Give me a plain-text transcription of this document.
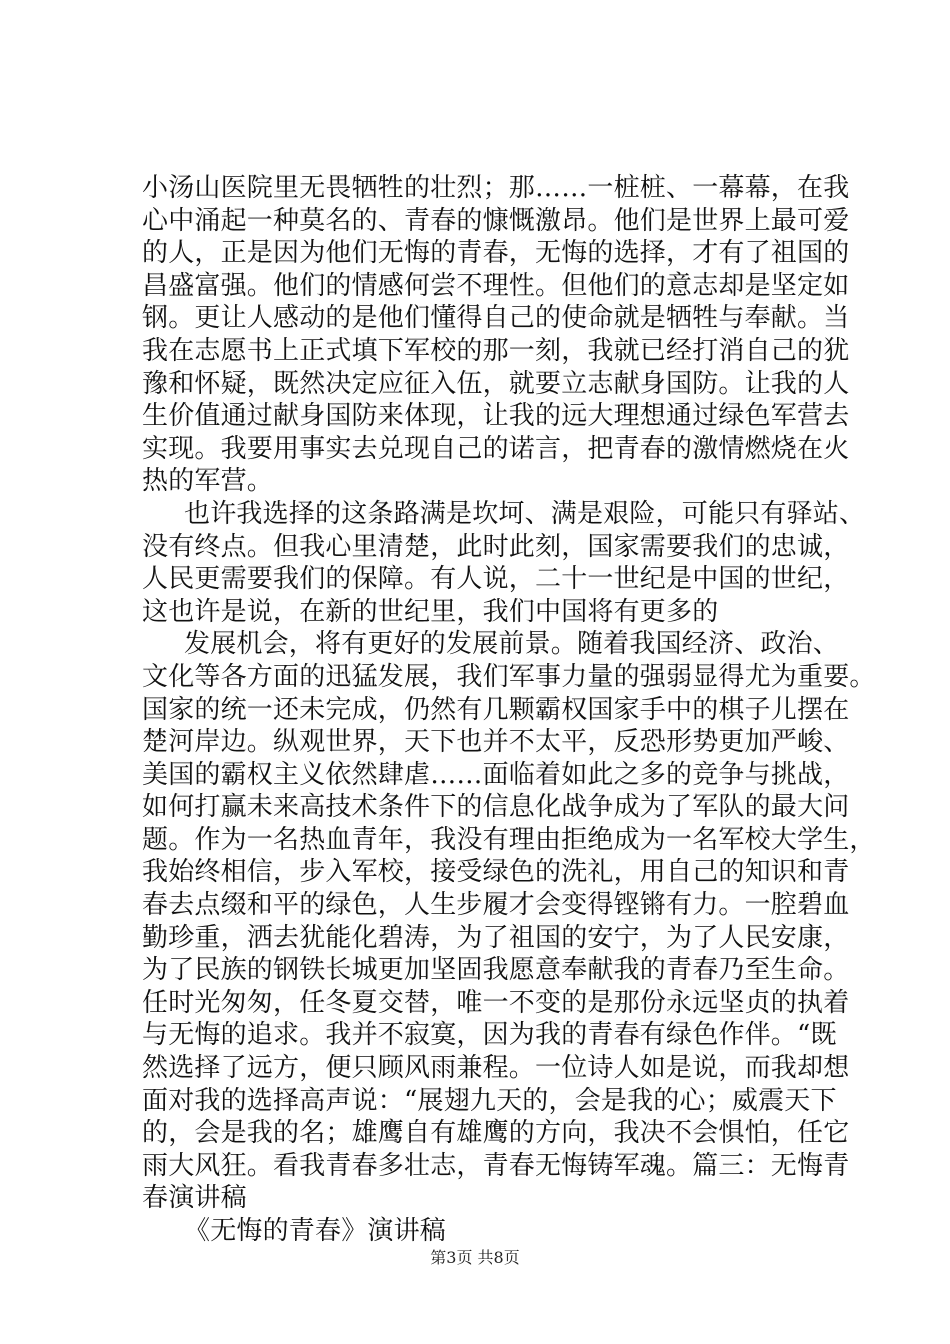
小汤山医院里无畏牺牲的壮烈；那……一桩桩、一幕幕，在我
心中涌起一种莫名的、青春的慷慨激昂。他们是世界上最可爱
的人，正是因为他们无悔的青春，无悔的选择，才有了祖国的
昌盛富强。他们的情感何尝不理性。但他们的意志却是坚定如
钢。更让人感动的是他们懂得自己的使命就是牺牲与奉献。当
我在志愿书上正式填下军校的那一刻，我就已经打消自己的犹
豫和怀疑，既然决定应征入伍，就要立志献身国防。让我的人
生价值通过献身国防来体现，让我的远大理想通过绿色军营去
实现。我要用事实去兑现自己的诺言，把青春的激情燃烧在火
热的军营。
也许我选择的这条路满是坎坷、满是艰险，可能只有驿站、
没有终点。但我心里清楚，此时此刻，国家需要我们的忠诚，
人民更需要我们的保障。有人说，二十一世纪是中国的世纪，
这也许是说，在新的世纪里，我们中国将有更多的
发展机会，将有更好的发展前景。随着我国经济、政治、
文化等各方面的迅猛发展，我们军事力量的强弱显得尤为重要。
国家的统一还未完成，仍然有几颗霸权国家手中的棋子儿摆在
楚河岸边。纵观世界，天下也并不太平，反恐形势更加严峻、
美国的霸权主义依然肆虐……面临着如此之多的竞争与挑战，
如何打赢未来高技术条件下的信息化战争成为了军队的最大问
题。作为一名热血青年，我没有理由拒绝成为一名军校大学生，
我始终相信，步入军校，接受绿色的洗礼，用自己的知识和青
春去点缀和平的绿色，人生步履才会变得铿锵有力。一腔碧血
勤珍重，洒去犹能化碧涛，为了祖国的安宁，为了人民安康，
为了民族的钢铁长城更加坚固我愿意奉献我的青春乃至生命。
任时光匆匆，任冬夏交替，唯一不变的是那份永远坚贞的执着
与无悔的追求。我并不寂寞，因为我的青春有绿色作伴。“既
然选择了远方，便只顾风雨兼程。一位诗人如是说，而我却想
面对我的选择高声说：“展翅九天的，会是我的心；威震天下
的，会是我的名；雄鹰自有雄鹰的方向，我决不会惧怕，任它
雨大风狂。看我青春多壮志，青春无悔铸军魂。篇三：无悔青
春演讲稿
《无悔的青春》演讲稿
第3页 共8页
